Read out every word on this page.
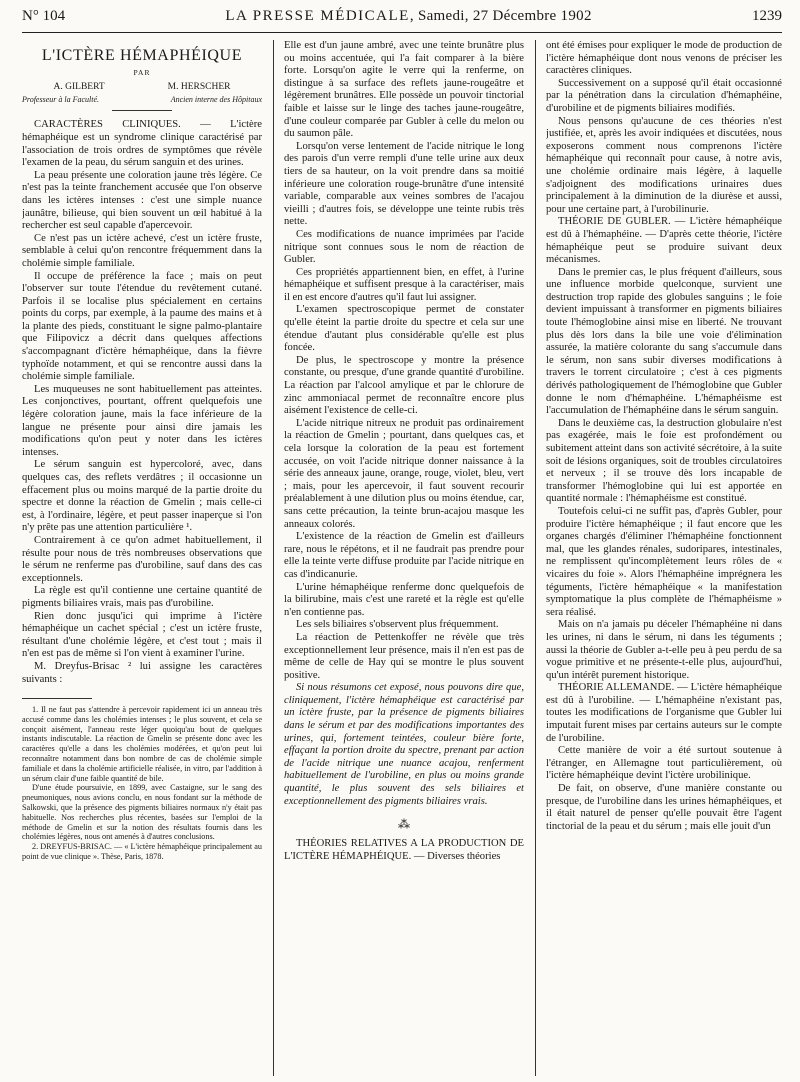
N° 104	LA PRESSE MÉDICALE, Samedi, 27 Décembre 1902	1239
L'ICTÈRE HÉMAPHÉIQUE
PAR
A. GILBERT	M. HERSCHER
Professeur à la Faculté.	Ancien interne des Hôpitaux

CARACTÈRES CLINIQUES. — L'ictère hémaphéique est un syndrome clinique caractérisé par l'association de trois ordres de symptômes que révèle l'examen de la peau, du sérum sanguin et des urines.

La peau présente une coloration jaune très légère. Ce n'est pas la teinte franchement accusée que l'on observe dans les ictères intenses : c'est une simple nuance jaunâtre, bilieuse, qui bien souvent un œil habitué à la rechercher est seul capable d'apercevoir.

Ce n'est pas un ictère achevé, c'est un ictère fruste, semblable à celui qu'on rencontre fréquemment dans la cholémie simple familiale.

Il occupe de préférence la face ; mais on peut l'observer sur toute l'étendue du revêtement cutané. Parfois il se localise plus spécialement en certains points du corps, par exemple, à la paume des mains et à la plante des pieds, constituant le signe palmo-plantaire que Filipovicz a décrit dans quelques affections s'accompagnant d'ictère hémaphéique, dans la fièvre typhoïde notamment, et qui se rencontre aussi dans la cholémie simple familiale.

Les muqueuses ne sont habituellement pas atteintes. Les conjonctives, pourtant, offrent quelquefois une légère coloration jaune, mais la face inférieure de la langue ne présente pour ainsi dire jamais les modifications qu'on peut y noter dans les ictères intenses.

Le sérum sanguin est hypercoloré, avec, dans quelques cas, des reflets verdâtres ; il occasionne un effacement plus ou moins marqué de la partie droite du spectre et donne la réaction de Gmelin ; mais celle-ci est, à l'ordinaire, légère, et peut passer inaperçue si l'on n'y prête pas une attention particulière ¹.

Contrairement à ce qu'on admet habituellement, il résulte pour nous de très nombreuses observations que le sérum ne renferme pas d'urobiline, sauf dans des cas exceptionnels.

La règle est qu'il contienne une certaine quantité de pigments biliaires vrais, mais pas d'urobiline.

Rien donc jusqu'ici qui imprime à l'ictère hémaphéique un cachet spécial ; c'est un ictère fruste, résultant d'une cholémie légère, et c'est tout ; mais il n'en est pas de même si l'on vient à examiner l'urine.

M. Dreyfus-Brisac ² lui assigne les caractères suivants :

1. Il ne faut pas s'attendre à percevoir rapidement ici un anneau très accusé comme dans les cholémies intenses ; le plus souvent, et cela se conçoit aisément, l'anneau reste léger quoiqu'au bout de quelques instants indiscutable. La réaction de Gmelin se présente donc avec les caractères qu'elle a dans les cholémies modérées, et qu'on peut lui reconnaître notamment dans bon nombre de cas de cholémie simple familiale et dans la cholémie artificielle réalisée, in vitro, par l'addition à un sérum clair d'une faible quantité de bile.

D'une étude poursuivie, en 1899, avec Castaigne, sur le sang des pneumoniques, nous avions conclu, en nous fondant sur la méthode de Salkowski, que la présence des pigments biliaires normaux n'y était pas habituelle. Nos recherches plus récentes, basées sur l'emploi de la méthode de Gmelin et sur la notion des résultats fournis dans les cholémies légères, nous ont amenés à d'autres conclusions.

2. DREYFUS-BRISAC. — « L'ictère hémaphéique principalement au point de vue clinique ». Thèse, Paris, 1878.

Elle est d'un jaune ambré, avec une teinte brunâtre plus ou moins accentuée, qui l'a fait comparer à la bière forte. Lorsqu'on agite le verre qui la renferme, on distingue à sa surface des reflets jaune-rougeâtre et légèrement brunâtres. Elle possède un pouvoir tinctorial faible et laisse sur le linge des taches jaune-rougeâtre, d'une couleur comparée par Gubler à celle du melon ou du saumon pâle.

Lorsqu'on verse lentement de l'acide nitrique le long des parois d'un verre rempli d'une telle urine aux deux tiers de sa hauteur, on la voit prendre dans sa moitié inférieure une coloration rouge-brunâtre d'une intensité variable, comparable aux veines sombres de l'acajou vieilli ; d'autres fois, se développe une teinte rubis très nette.

Ces modifications de nuance imprimées par l'acide nitrique sont connues sous le nom de réaction de Gubler.

Ces propriétés appartiennent bien, en effet, à l'urine hémaphéique et suffisent presque à la caractériser, mais il en est encore d'autres qu'il faut lui assigner.

L'examen spectroscopique permet de constater qu'elle éteint la partie droite du spectre et cela sur une étendue d'autant plus considérable qu'elle est plus foncée.

De plus, le spectroscope y montre la présence constante, ou presque, d'une grande quantité d'urobiline. La réaction par l'alcool amylique et par le chlorure de zinc ammoniacal permet de reconnaître encore plus aisément l'existence de celle-ci.

L'acide nitrique nitreux ne produit pas ordinairement la réaction de Gmelin ; pourtant, dans quelques cas, et cela lorsque la coloration de la peau est fortement accusée, on voit l'acide nitrique donner naissance à la série des anneaux jaune, orange, rouge, violet, bleu, vert ; mais, pour les apercevoir, il faut souvent recourir préalablement à une dilution plus ou moins étendue, car, sans cette précaution, la teinte brun-acajou masque les anneaux colorés.

L'existence de la réaction de Gmelin est d'ailleurs rare, nous le répétons, et il ne faudrait pas prendre pour elle la teinte verte diffuse produite par l'acide nitrique en cas d'indicanurie.

L'urine hémaphéique renferme donc quelquefois de la bilirubine, mais c'est une rareté et la règle est qu'elle n'en contienne pas.

Les sels biliaires s'observent plus fréquemment.

La réaction de Pettenkoffer ne révèle que très exceptionnellement leur présence, mais il n'en est pas de même de celle de Hay qui se montre le plus souvent positive.

Si nous résumons cet exposé, nous pouvons dire que, cliniquement, l'ictère hémaphéique est caractérisé par un ictère fruste, par la présence de pigments biliaires dans le sérum et par des modifications importantes des urines, qui, fortement teintées, couleur bière forte, effaçant la portion droite du spectre, prenant par action de l'acide nitrique une nuance acajou, renferment habituellement de l'urobiline, en plus ou moins grande quantité, le plus souvent des sels biliaires et exceptionnellement des pigments biliaires vrais.

⁂

THÉORIES RELATIVES A LA PRODUCTION DE L'ICTÈRE HÉMAPHÉIQUE. — Diverses théories

ont été émises pour expliquer le mode de production de l'ictère hémaphéique dont nous venons de préciser les caractères cliniques.

Successivement on a supposé qu'il était occasionné par la pénétration dans la circulation d'hémaphéine, d'urobiline et de pigments biliaires modifiés.

Nous pensons qu'aucune de ces théories n'est justifiée, et, après les avoir indiquées et discutées, nous exposerons comment nous comprenons l'ictère hémaphéique qui reconnaît pour cause, à notre avis, une cholémie ordinaire mais légère, à laquelle s'adjoignent des modifications urinaires dues principalement à la diminution de la diurèse et aussi, pour une certaine part, à l'urobilinurie.

THÉORIE DE GUBLER. — L'ictère hémaphéique est dû à l'hémaphéine. — D'après cette théorie, l'ictère hémaphéique peut se produire suivant deux mécanismes.

Dans le premier cas, le plus fréquent d'ailleurs, sous une influence morbide quelconque, survient une destruction trop rapide des globules sanguins ; le foie devient impuissant à transformer en pigments biliaires toute l'hémoglobine ainsi mise en liberté. Ne trouvant plus dès lors dans la bile une voie d'élimination assurée, la matière colorante du sang s'accumule dans le sérum, non sans subir diverses modifications à travers le torrent circulatoire ; c'est à ces pigments dérivés pathologiquement de l'hémoglobine que Gubler donne le nom d'hémaphéine. L'hémaphéisme est l'accumulation de l'hémaphéine dans le sérum sanguin.

Dans le deuxième cas, la destruction globulaire n'est pas exagérée, mais le foie est profondément ou subitement atteint dans son activité sécrétoire, à la suite soit de lésions organiques, soit de troubles circulatoires et nerveux ; il se trouve dès lors incapable de transformer l'hémoglobine qui lui est apportée en quantité normale : l'hémaphéisme est constitué.

Toutefois celui-ci ne suffit pas, d'après Gubler, pour produire l'ictère hémaphéique ; il faut encore que les organes chargés d'éliminer l'hémaphéine fonctionnent mal, que les glandes rénales, sudoripares, intestinales, ne remplissent qu'incomplètement leurs rôles de « vicaires du foie ». Alors l'hémaphéine imprégnera les téguments, l'ictère hémaphéique « la manifestation symptomatique la plus complète de l'hémaphéisme » sera réalisé.

Mais on n'a jamais pu déceler l'hémaphéine ni dans les urines, ni dans le sérum, ni dans les téguments ; aussi la théorie de Gubler a-t-elle peu à peu perdu de sa vogue primitive et ne présente-t-elle plus, aujourd'hui, qu'un intérêt purement historique.

THÉORIE ALLEMANDE. — L'ictère hémaphéique est dû à l'urobiline. — L'hémaphéine n'existant pas, toutes les modifications de l'organisme que Gubler lui imputait furent mises par certains auteurs sur le compte de l'urobiline.

Cette manière de voir a été surtout soutenue à l'étranger, en Allemagne tout particulièrement, où l'ictère hémaphéique devint l'ictère urobilinique.

De fait, on observe, d'une manière constante ou presque, de l'urobiline dans les urines hémaphéiques, et il était naturel de penser qu'elle pouvait être l'agent tinctorial de la peau et du sérum ; mais elle jouit d'un
